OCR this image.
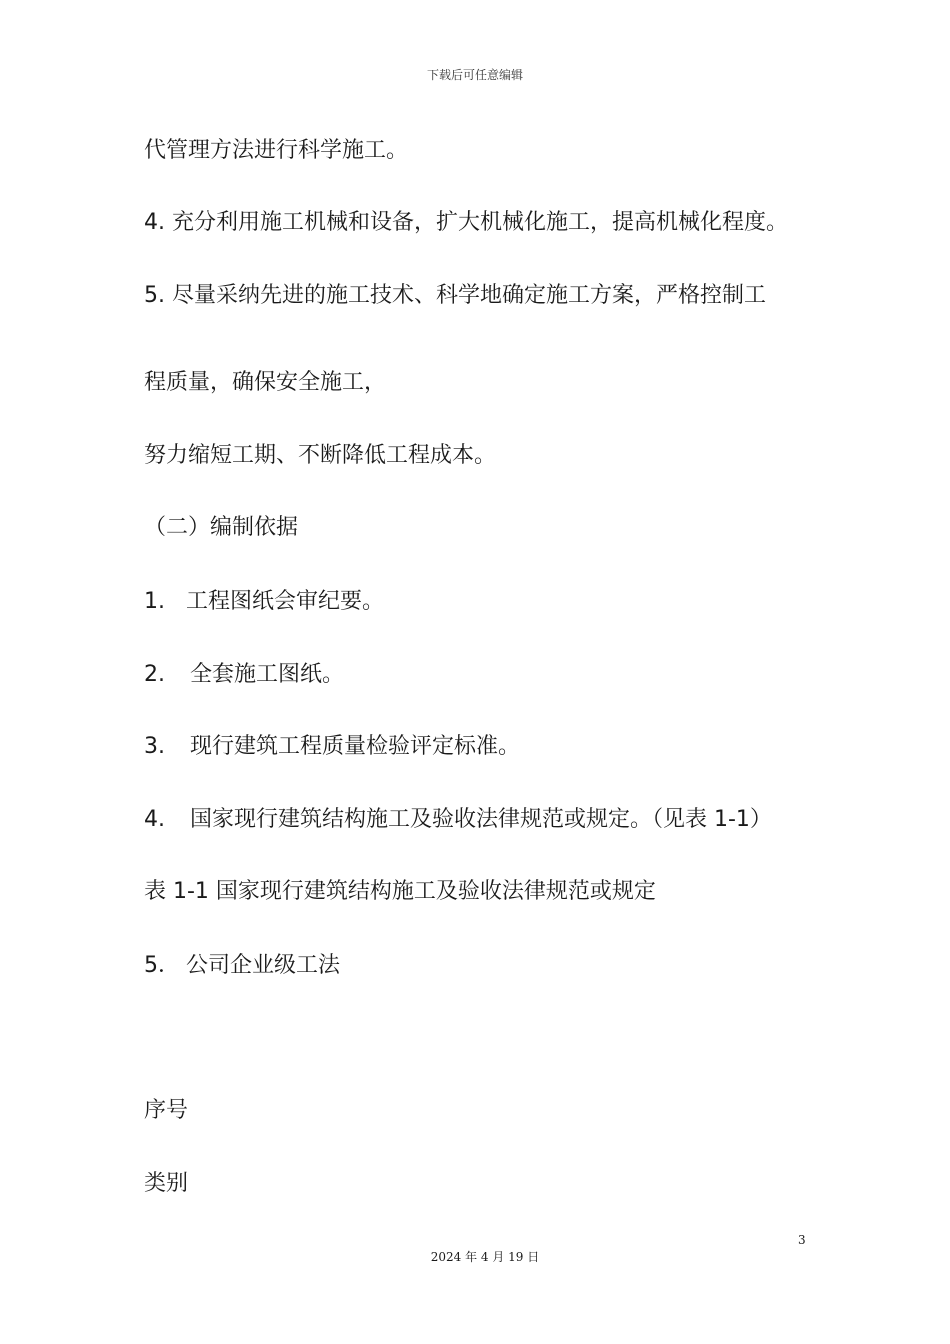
下载后可任意编辑
代管理方法进行科学施工。
4. 充分利用施工机械和设备，扩大机械化施工，提高机械化程度。
5. 尽量采纳先进的施工技术、科学地确定施工方案，严格控制工
程质量，确保安全施工，
努力缩短工期、不断降低工程成本。
（二）编制依据
1. 工程图纸会审纪要。
2. 全套施工图纸。
3. 现行建筑工程质量检验评定标准。
4. 国家现行建筑结构施工及验收法律规范或规定。（见表 1-1）
表 1-1 国家现行建筑结构施工及验收法律规范或规定
5． 公司企业级工法
序号
类别
3
2024 年 4 月 19 日
